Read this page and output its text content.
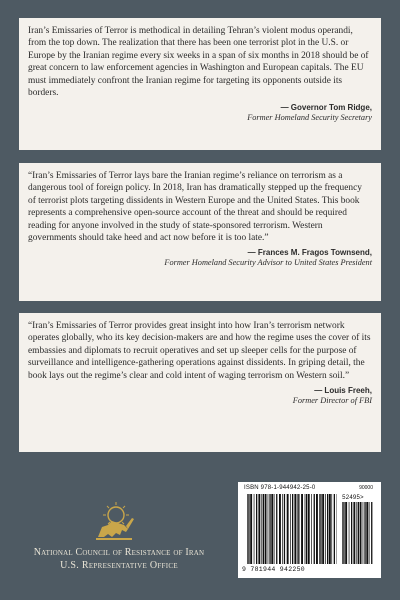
Iran’s Emissaries of Terror is methodical in detailing Tehran’s violent modus operandi, from the top down. The realization that there has been one terrorist plot in the U.S. or Europe by the Iranian regime every six weeks in a span of six months in 2018 should be of great concern to law enforcement agencies in Washington and European capitals. The EU must immediately confront the Iranian regime for targeting its opponents outside its borders.

— Governor Tom Ridge,
Former Homeland Security Secretary

“Iran’s Emissaries of Terror lays bare the Iranian regime’s reliance on terrorism as a dangerous tool of foreign policy. In 2018, Iran has dramatically stepped up the frequency of terrorist plots targeting dissidents in Western Europe and the United States. This book represents a comprehensive open-source account of the threat and should be required reading for anyone involved in the study of state-sponsored terrorism. Western governments should take heed and act now before it is too late.”

— Frances M. Fragos Townsend,
Former Homeland Security Advisor to United States President

“Iran’s Emissaries of Terror provides great insight into how Iran’s terrorism network operates globally, who its key decision-makers are and how the regime uses the cover of its embassies and diplomats to recruit operatives and set up sleeper cells for the purpose of surveillance and intelligence-gathering operations against dissidents. In griping detail, the book lays out the regime’s clear and cold intent of waging terrorism on Western soil.”

— Louis Freeh,
Former Director of FBI
National Council of Resistance of Iran
U.S. Representative Office
ISBN 978-1-944942-25-0	90000
52495>
9 781944 942250
